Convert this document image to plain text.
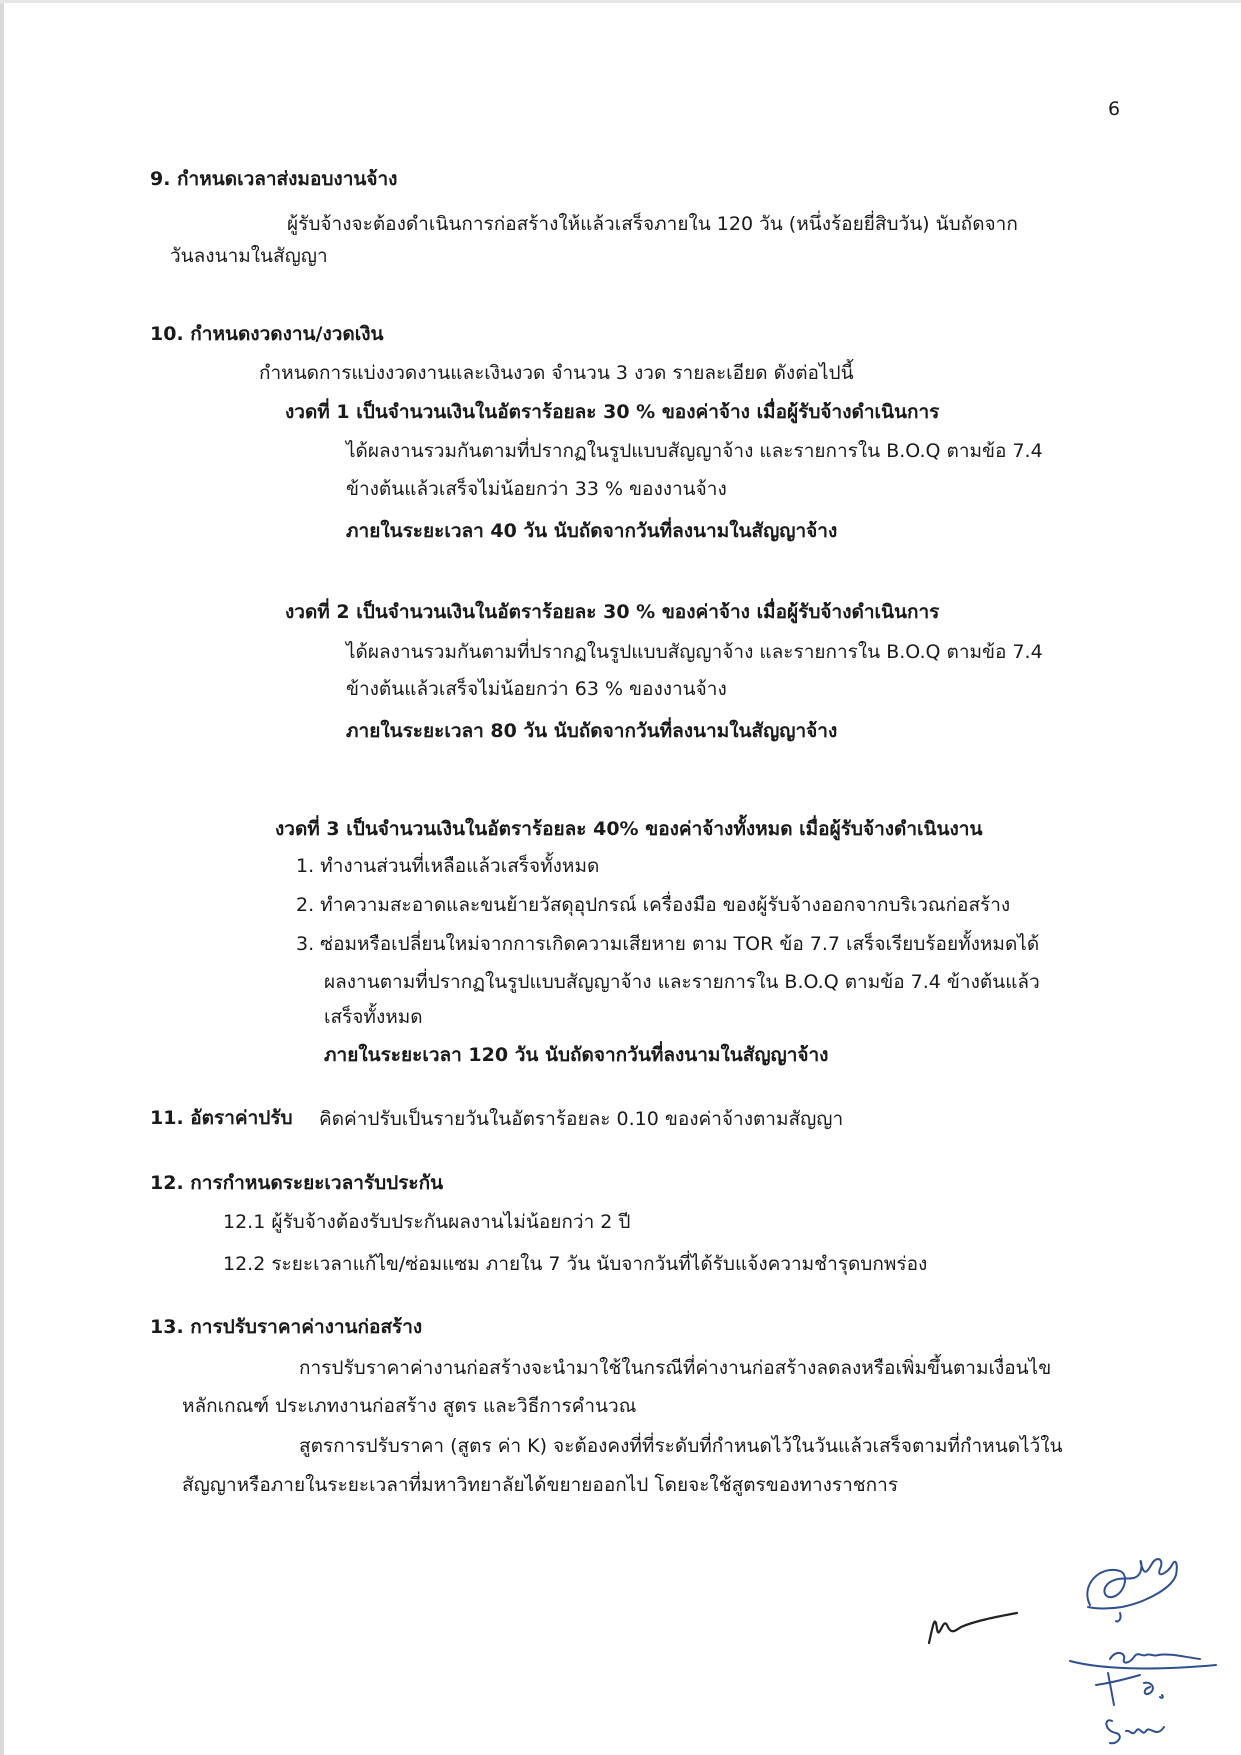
6
9. กำหนดเวลาส่งมอบงานจ้าง
ผู้รับจ้างจะต้องดำเนินการก่อสร้างให้แล้วเสร็จภายใน 120 วัน (หนึ่งร้อยยี่สิบวัน) นับถัดจาก
วันลงนามในสัญญา
10. กำหนดงวดงาน/งวดเงิน
กำหนดการแบ่งงวดงานและเงินงวด จำนวน 3 งวด รายละเอียด ดังต่อไปนี้
งวดที่ 1 เป็นจำนวนเงินในอัตราร้อยละ 30 % ของค่าจ้าง เมื่อผู้รับจ้างดำเนินการ
ได้ผลงานรวมกันตามที่ปรากฏในรูปแบบสัญญาจ้าง และรายการใน B.O.Q ตามข้อ 7.4
ข้างต้นแล้วเสร็จไม่น้อยกว่า 33 % ของงานจ้าง
ภายในระยะเวลา 40 วัน นับถัดจากวันที่ลงนามในสัญญาจ้าง
งวดที่ 2 เป็นจำนวนเงินในอัตราร้อยละ 30 % ของค่าจ้าง เมื่อผู้รับจ้างดำเนินการ
ได้ผลงานรวมกันตามที่ปรากฏในรูปแบบสัญญาจ้าง และรายการใน B.O.Q ตามข้อ 7.4
ข้างต้นแล้วเสร็จไม่น้อยกว่า 63 % ของงานจ้าง
ภายในระยะเวลา 80 วัน นับถัดจากวันที่ลงนามในสัญญาจ้าง
งวดที่ 3 เป็นจำนวนเงินในอัตราร้อยละ 40% ของค่าจ้างทั้งหมด เมื่อผู้รับจ้างดำเนินงาน
1. ทำงานส่วนที่เหลือแล้วเสร็จทั้งหมด
2. ทำความสะอาดและขนย้ายวัสดุอุปกรณ์ เครื่องมือ ของผู้รับจ้างออกจากบริเวณก่อสร้าง
3. ซ่อมหรือเปลี่ยนใหม่จากการเกิดความเสียหาย ตาม TOR ข้อ 7.7 เสร็จเรียบร้อยทั้งหมดได้
ผลงานตามที่ปรากฏในรูปแบบสัญญาจ้าง และรายการใน B.O.Q ตามข้อ 7.4 ข้างต้นแล้ว
เสร็จทั้งหมด
ภายในระยะเวลา 120 วัน นับถัดจากวันที่ลงนามในสัญญาจ้าง
11. อัตราค่าปรับ คิดค่าปรับเป็นรายวันในอัตราร้อยละ 0.10 ของค่าจ้างตามสัญญา
12. การกำหนดระยะเวลารับประกัน
12.1 ผู้รับจ้างต้องรับประกันผลงานไม่น้อยกว่า 2 ปี
12.2 ระยะเวลาแก้ไข/ซ่อมแซม ภายใน 7 วัน นับจากวันที่ได้รับแจ้งความชำรุดบกพร่อง
13. การปรับราคาค่างานก่อสร้าง
การปรับราคาค่างานก่อสร้างจะนำมาใช้ในกรณีที่ค่างานก่อสร้างลดลงหรือเพิ่มขึ้นตามเงื่อนไข
หลักเกณฑ์ ประเภทงานก่อสร้าง สูตร และวิธีการคำนวณ
สูตรการปรับราคา (สูตร ค่า K) จะต้องคงที่ที่ระดับที่กำหนดไว้ในวันแล้วเสร็จตามที่กำหนดไว้ใน
สัญญาหรือภายในระยะเวลาที่มหาวิทยาลัยได้ขยายออกไป โดยจะใช้สูตรของทางราชการ
